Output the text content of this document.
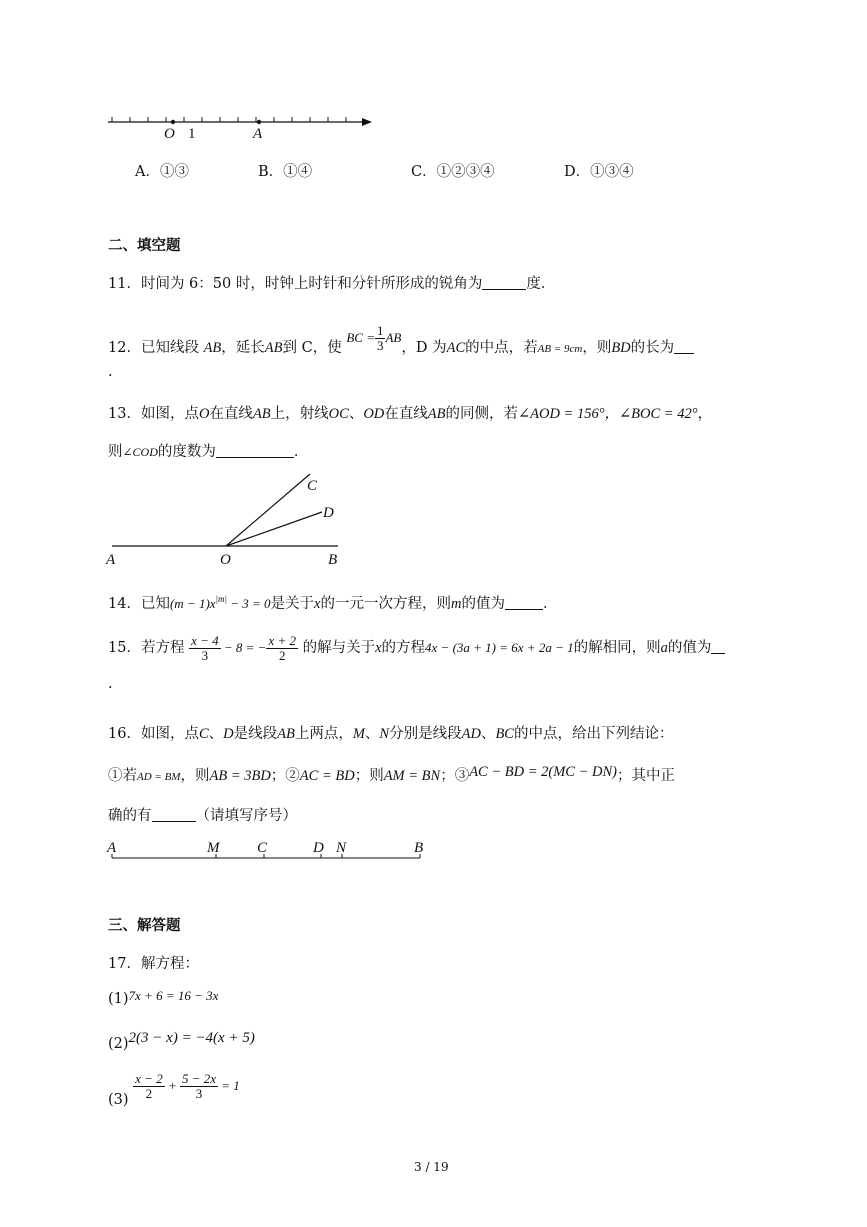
O 1	A
A．①③	B．①④	C．①②③④	D．①③④
二、填空题
11．时间为 6：50 时，时钟上时针和分针所形成的锐角为	度．
12．已知线段 AB，延长AB到 C，使 BC = $\frac{1}{3}$ AB，D 为AC的中点，若AB = 9cm，则BD的长为
.
13．如图，点O在直线AB上，射线OC、OD在直线AB的同侧，若∠AOD = 156°，∠BOC = 42°，
则∠COD的度数为	．
A	O	B
C
D
14．已知$(m - 1)x^{|m|} - 3 = 0$是关于x的一元一次方程，则m的值为	．
15．若方程 $\frac{x - 4}{3} - 8$ = − $\frac{x + 2}{2}$ 的解与关于x的方程4x − (3a + 1) = 6x + 2a − 1的解相同，则a的值为
.
16．如图，点C、D是线段AB上两点，M、N分别是线段AD、BC的中点，给出下列结论：
①若AD = BM，则AB = 3BD；②AC = BD；则AM = BN；③AC − BD = 2(MC − DN)；其中正
确的有	（请填写序号）
A	M	C	D N	B
三、解答题
17．解方程：
(1)7x + 6 = 16 − 3x
(2)2(3 − x) = −4(x + 5)
$(3) \frac{x - 2}{2} + \frac{5 - 2x}{3} = 1$
3 / 19
